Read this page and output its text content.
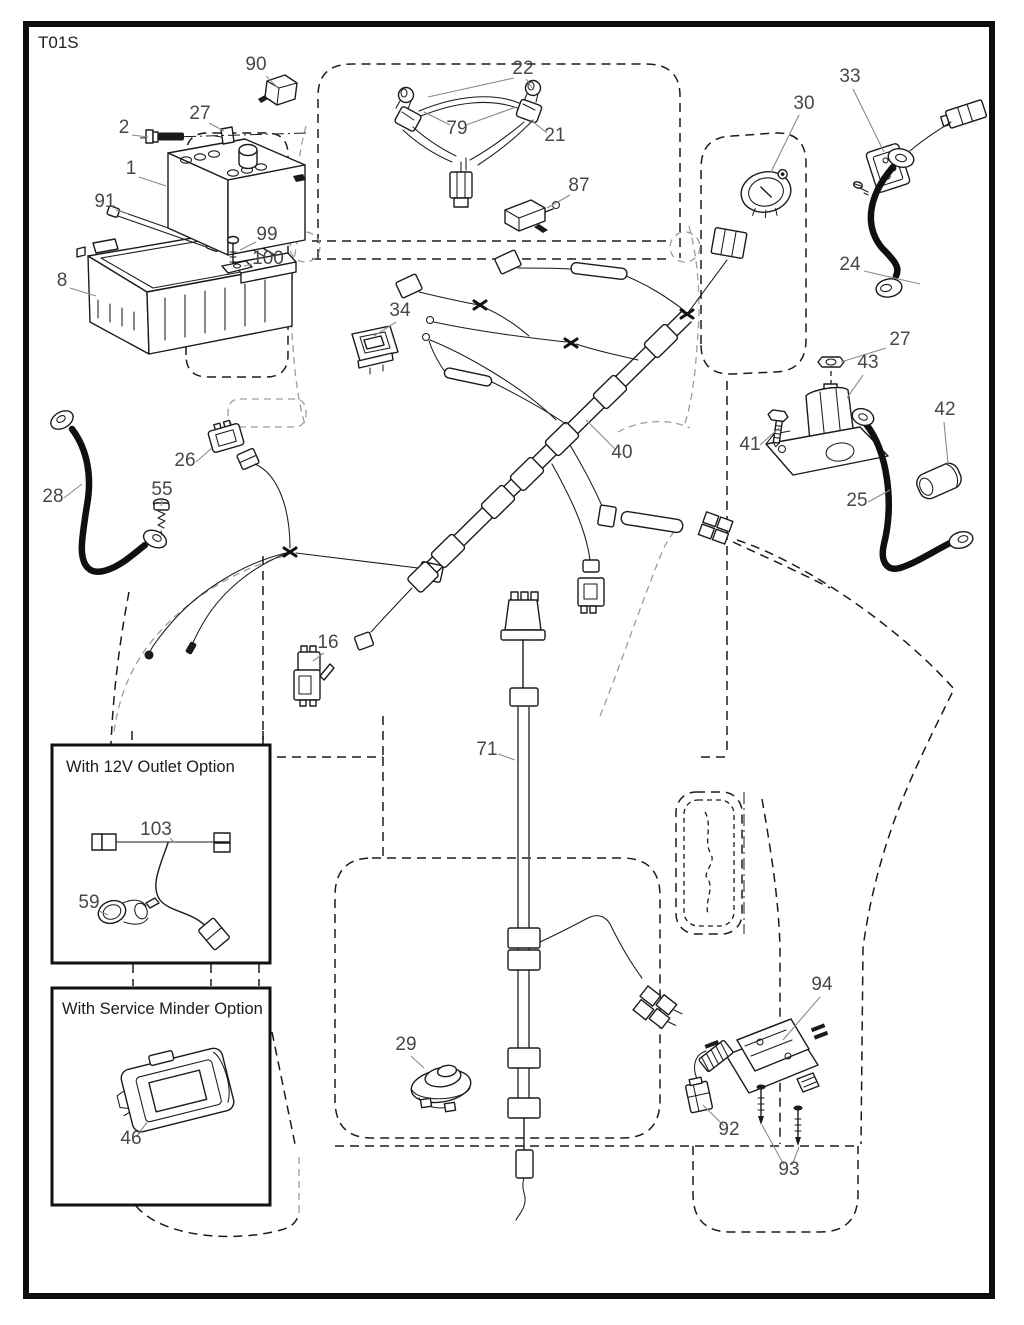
T01S
With 12V Outlet Option
With Service Minder Option
90
2
27
1
91
99
100
8
22
79	21
87
30
33
24
27
43
41
42
25
28	55
26
34
40
16
71
29
94
92
93
103
59
46
